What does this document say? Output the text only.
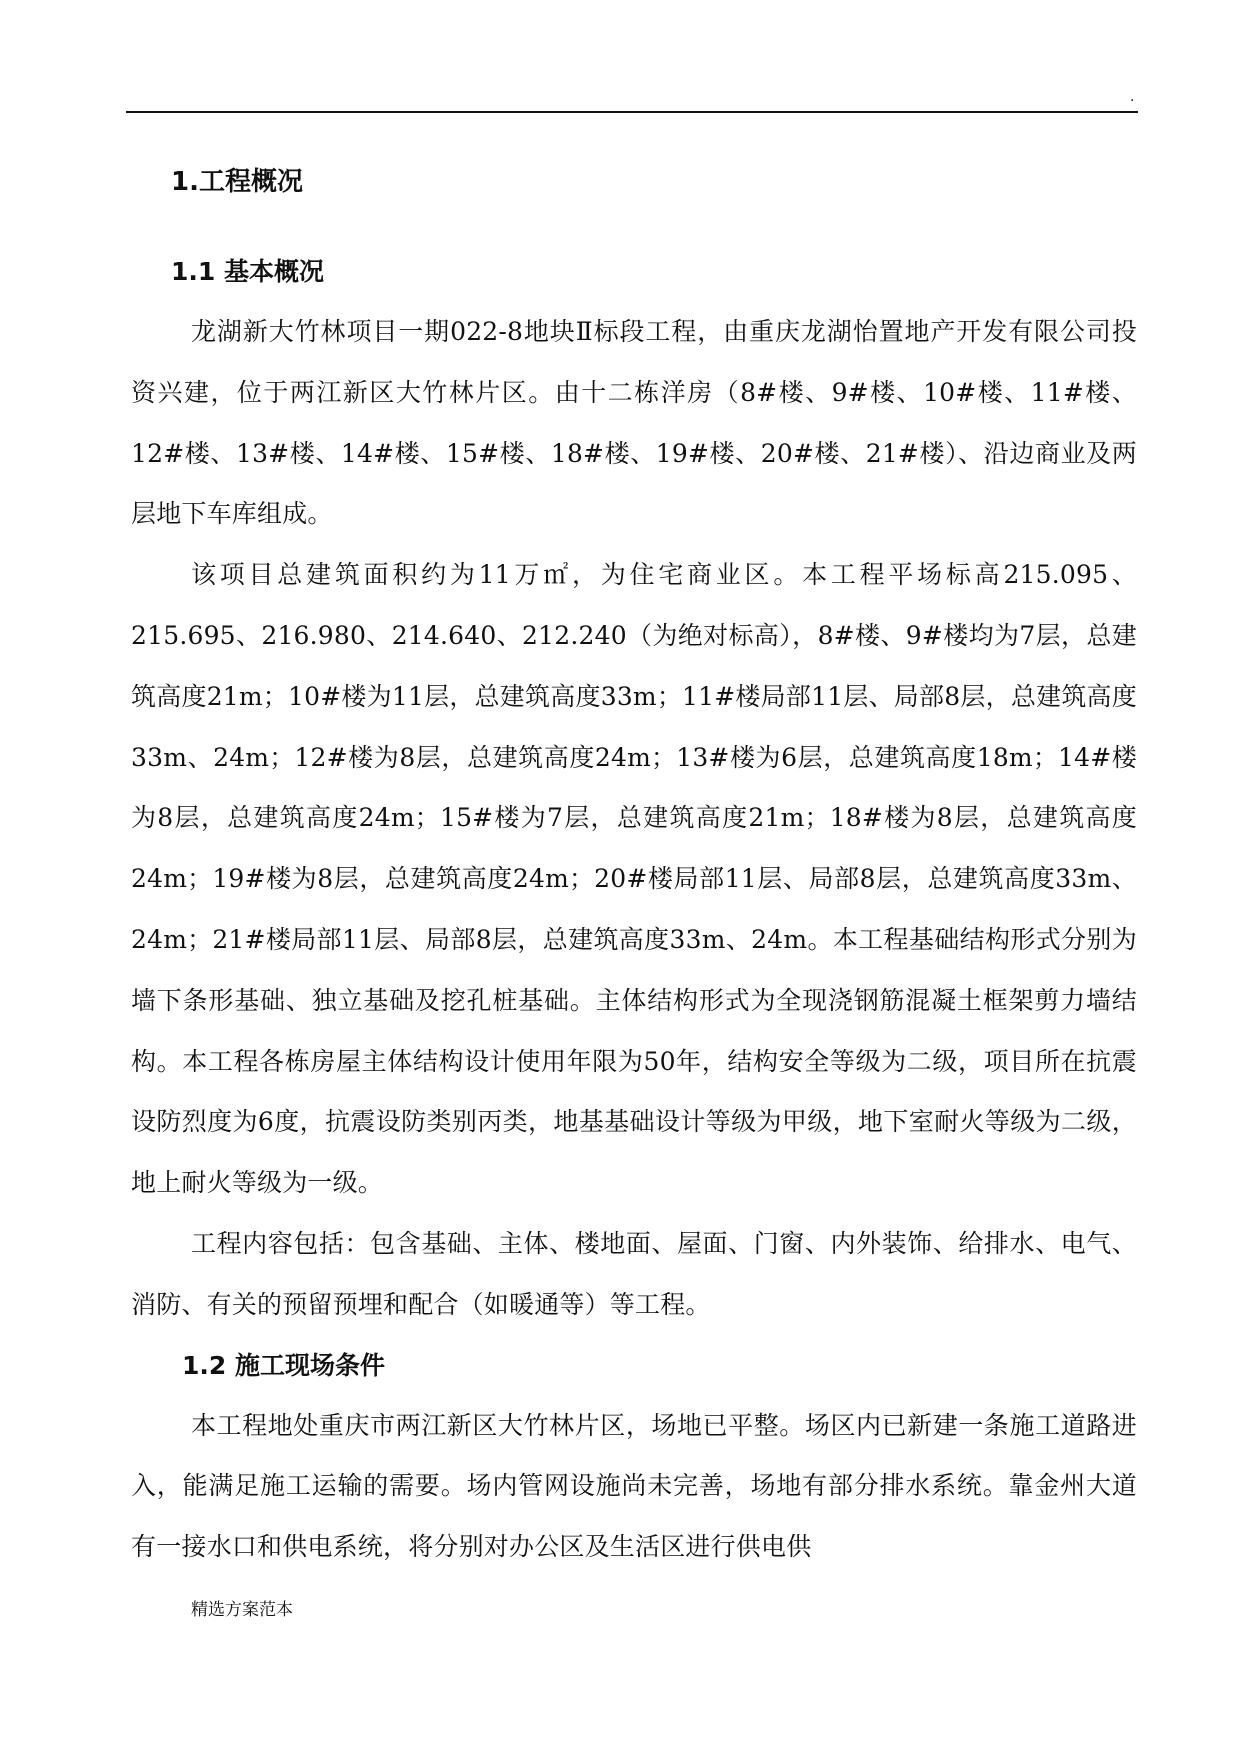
.
1.工程概况
1.1 基本概况

龙湖新大竹林项目一期022-8地块Ⅱ标段工程，由重庆龙湖怡置地产开发有限公司投资兴建，位于两江新区大竹林片区。由十二栋洋房（8#楼、9#楼、10#楼、11#楼、12#楼、13#楼、14#楼、15#楼、18#楼、19#楼、20#楼、21#楼）、沿边商业及两层地下车库组成。

该项目总建筑面积约为11万㎡，为住宅商业区。本工程平场标高215.095、215.695、216.980、214.640、212.240（为绝对标高），8#楼、9#楼均为7层，总建筑高度21m；10#楼为11层，总建筑高度33m；11#楼局部11层、局部8层，总建筑高度33m、24m；12#楼为8层，总建筑高度24m；13#楼为6层，总建筑高度18m；14#楼为8层，总建筑高度24m；15#楼为7层，总建筑高度21m；18#楼为8层，总建筑高度24m；19#楼为8层，总建筑高度24m；20#楼局部11层、局部8层，总建筑高度33m、24m；21#楼局部11层、局部8层，总建筑高度33m、24m。本工程基础结构形式分别为墙下条形基础、独立基础及挖孔桩基础。主体结构形式为全现浇钢筋混凝土框架剪力墙结构。本工程各栋房屋主体结构设计使用年限为50年，结构安全等级为二级，项目所在抗震设防烈度为6度，抗震设防类别丙类，地基基础设计等级为甲级，地下室耐火等级为二级，地上耐火等级为一级。

工程内容包括：包含基础、主体、楼地面、屋面、门窗、内外装饰、给排水、电气、消防、有关的预留预埋和配合（如暖通等）等工程。

1.2 施工现场条件

本工程地处重庆市两江新区大竹林片区，场地已平整。场区内已新建一条施工道路进入，能满足施工运输的需要。场内管网设施尚未完善，场地有部分排水系统。靠金州大道有一接水口和供电系统，将分别对办公区及生活区进行供电供

精选方案范本
